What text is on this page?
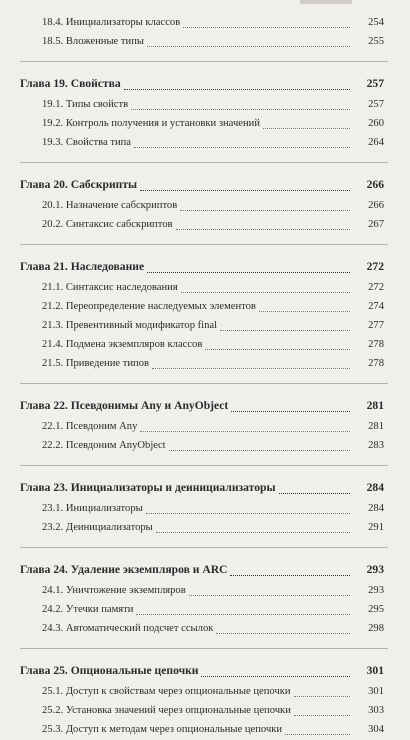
18.4. Инициализаторы классов	254
18.5. Вложенные типы	255
Глава 19. Свойства	257
19.1. Типы свойств	257
19.2. Контроль получения и установки значений	260
19.3. Свойства типа	264
Глава 20. Сабскрипты	266
20.1. Назначение сабскриптов	266
20.2. Синтаксис сабскриптов	267
Глава 21. Наследование	272
21.1. Синтаксис наследования	272
21.2. Переопределение наследуемых элементов	274
21.3. Превентивный модификатор final	277
21.4. Подмена экземпляров классов	278
21.5. Приведение типов	278
Глава 22. Псевдонимы Any и AnyObject	281
22.1. Псевдоним Any	281
22.2. Псевдоним AnyObject	283
Глава 23. Инициализаторы и деинициализаторы	284
23.1. Инициализаторы	284
23.2. Деинициализаторы	291
Глава 24. Удаление экземпляров и ARC	293
24.1. Уничтожение экземпляров	293
24.2. Утечки памяти	295
24.3. Автоматический подсчет ссылок	298
Глава 25. Опциональные цепочки	301
25.1. Доступ к свойствам через опциональные цепочки	301
25.2. Установка значений через опциональные цепочки	303
25.3. Доступ к методам через опциональные цепочки	304
